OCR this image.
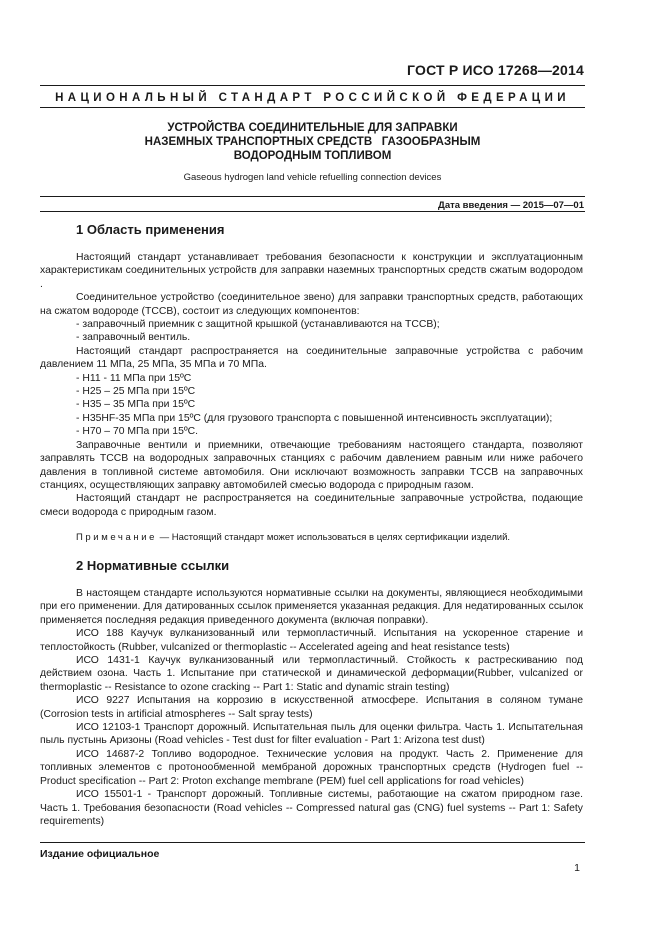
ГОСТ Р ИСО 17268—2014
НАЦИОНАЛЬНЫЙ СТАНДАРТ РОССИЙСКОЙ ФЕДЕРАЦИИ
УСТРОЙСТВА СОЕДИНИТЕЛЬНЫЕ ДЛЯ ЗАПРАВКИ
НАЗЕМНЫХ ТРАНСПОРТНЫХ СРЕДСТВ   ГАЗООБРАЗНЫМ
ВОДОРОДНЫМ ТОПЛИВОМ
Gaseous hydrogen land vehicle refuelling connection devices
Дата введения — 2015—07—01
1 Область применения

Настоящий стандарт устанавливает требования безопасности к конструкции и эксплуатационным характеристикам соединительных устройств для заправки наземных транспортных средств сжатым водородом .

Соединительное устройство (соединительное звено) для заправки транспортных средств, работающих на сжатом водороде (ТССВ), состоит из следующих компонентов:

- заправочный приемник с защитной крышкой (устанавливаются на ТССВ);

- заправочный вентиль.

Настоящий стандарт распространяется на соединительные заправочные устройства с рабочим давлением 11 МПа, 25 МПа, 35 МПа и 70 МПа.

- Н11 - 11 МПа при 15ºС

- Н25 – 25 МПа при 15ºС

- Н35 – 35 МПа при 15ºС

- Н35HF-35 МПа при 15ºС (для грузового транспорта с повышенной интенсивность эксплуатации);

- Н70 – 70 МПа при 15ºС.

Заправочные вентили и приемники, отвечающие требованиям настоящего стандарта, позволяют заправлять ТССВ на водородных заправочных станциях с рабочим давлением равным или ниже рабочего давления в топливной системе автомобиля. Они исключают возможность заправки ТССВ на заправочных станциях, осуществляющих заправку автомобилей смесью водорода с природным газом.

Настоящий стандарт не распространяется на соединительные заправочные устройства, подающие смеси водорода с природным газом.

Примечание — Настоящий стандарт может использоваться в целях сертификации изделий.
2 Нормативные ссылки

В настоящем стандарте используются нормативные ссылки на документы, являющиеся необходимыми при его применении. Для датированных ссылок применяется указанная редакция. Для недатированных ссылок применяется последняя редакция приведенного документа (включая поправки).

ИСО 188 Каучук вулканизованный или термопластичный. Испытания на ускоренное старение и теплостойкость (Rubber, vulcanized or thermoplastic -- Accelerated ageing and heat resistance tests)

ИСО 1431-1 Каучук вулканизованный или термопластичный. Стойкость к растрескиванию под действием озона. Часть 1. Испытание при статической и динамической деформации(Rubber, vulcanized or thermoplastic -- Resistance to ozone cracking -- Part 1: Static and dynamic strain testing)

ИСО 9227 Испытания на коррозию в искусственной атмосфере. Испытания в соляном тумане (Corrosion tests in artificial atmospheres -- Salt spray tests)

ИСО 12103-1 Транспорт дорожный. Испытательная пыль для оценки фильтра. Часть 1. Испытательная пыль пустынь Аризоны (Road vehicles - Test dust for filter evaluation - Part 1: Arizona test dust)

ИСО 14687-2 Топливо водородное. Технические условия на продукт. Часть 2. Применение для топливных элементов с протонообменной мембраной дорожных транспортных средств (Hydrogen fuel -- Product specification -- Part 2: Proton exchange membrane (PEM) fuel cell applications for road vehicles)

ИСО 15501-1 - Транспорт дорожный. Топливные системы, работающие на сжатом природном газе. Часть 1. Требования безопасности (Road vehicles -- Compressed natural gas (CNG) fuel systems -- Part 1: Safety requirements)

Издание официальное
1
